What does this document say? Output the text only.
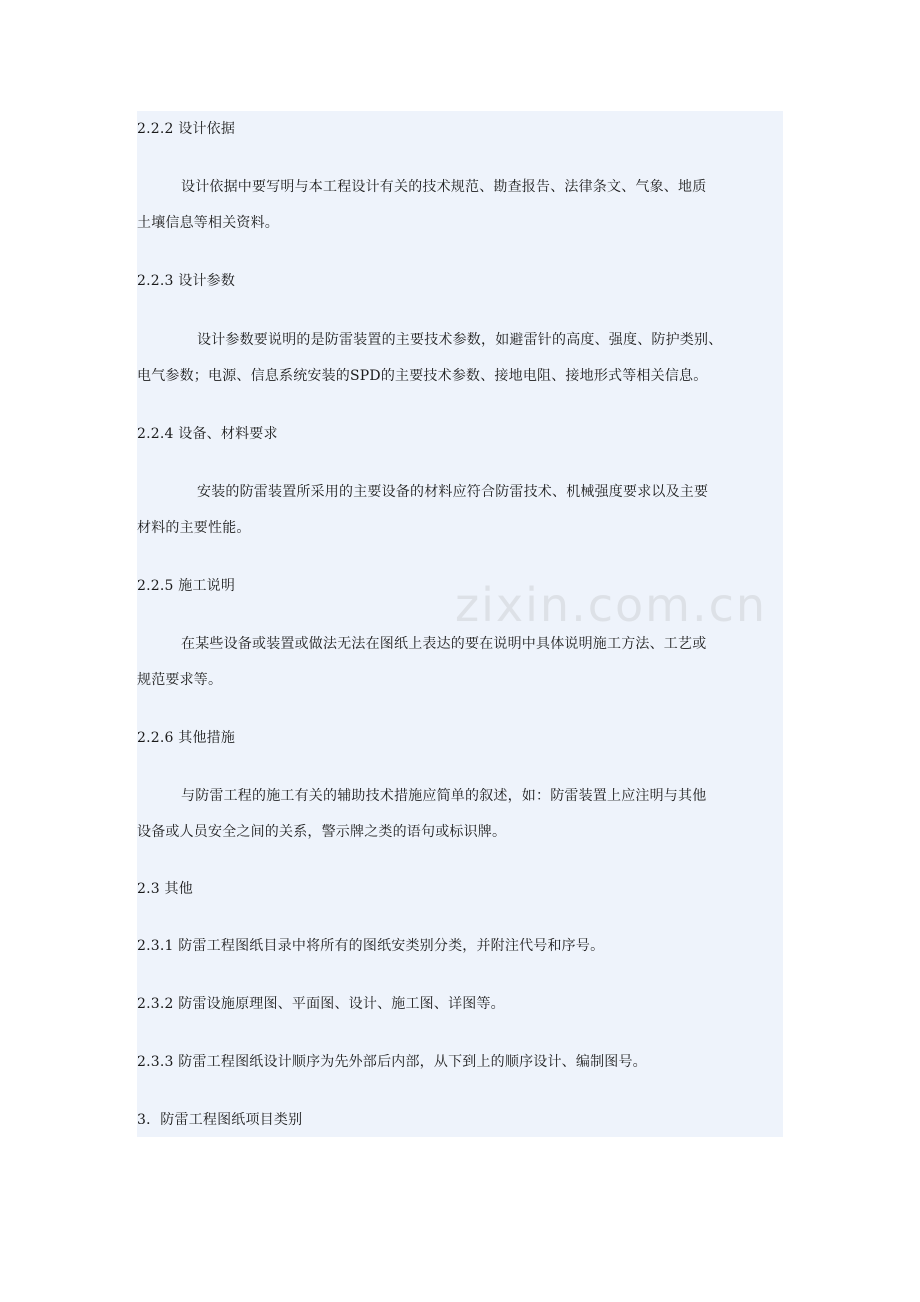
2.2.2 设计依据
设计依据中要写明与本工程设计有关的技术规范、勘查报告、法律条文、气象、地质
土壤信息等相关资料。
2.2.3 设计参数
设计参数要说明的是防雷装置的主要技术参数，如避雷针的高度、强度、防护类别、
电气参数；电源、信息系统安装的SPD的主要技术参数、接地电阻、接地形式等相关信息。
2.2.4 设备、材料要求
安装的防雷装置所采用的主要设备的材料应符合防雷技术、机械强度要求以及主要
材料的主要性能。
2.2.5 施工说明
在某些设备或装置或做法无法在图纸上表达的要在说明中具体说明施工方法、工艺或
规范要求等。
2.2.6 其他措施
与防雷工程的施工有关的辅助技术措施应简单的叙述，如：防雷装置上应注明与其他
设备或人员安全之间的关系，警示牌之类的语句或标识牌。
2.3 其他
2.3.1 防雷工程图纸目录中将所有的图纸安类别分类，并附注代号和序号。
2.3.2 防雷设施原理图、平面图、设计、施工图、详图等。
2.3.3 防雷工程图纸设计顺序为先外部后内部，从下到上的顺序设计、编制图号。
3．防雷工程图纸项目类别
zixin.com.cn
